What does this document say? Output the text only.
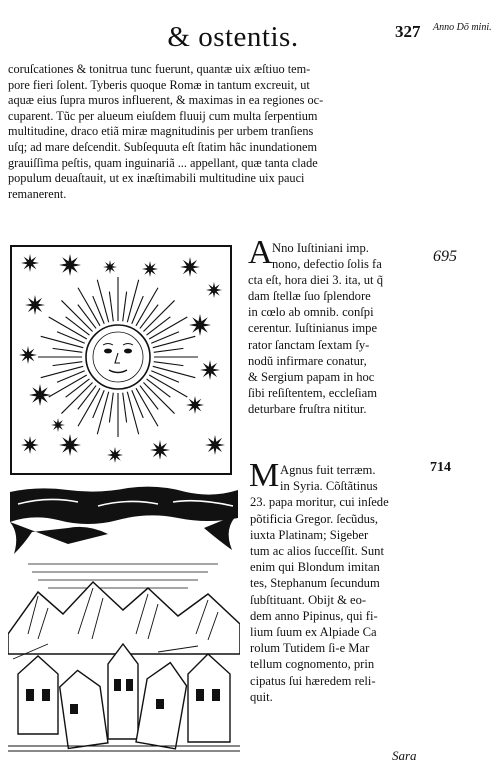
& ostentis.	327 Anno Dõ mini.
coruſcationes & tonitrua tunc fuerunt, quantæ uix æſtiuo tem-
pore fieri ſolent. Tyberis quoque Romæ in tantum excreuit, ut
aquæ eius ſupra muros influerent, & maximas in ea regiones oc-
cuparent. Tũc per alueum eiuſdem fluuij cum multa ſerpentium
multitudine, draco etiã miræ magnitudinis per urbem tranſiens
uſq; ad mare deſcendit. Subſequuta eſt ſtatim hãc inundationem
grauiſſima peſtis, quam inguinariã ... appellant, quæ tanta clade
populum deuaſtauit, ut ex inæſtimabili multitudine uix pauci
remanerent.
A	695
Nno Iuſtiniani imp.
nono, defectio ſolis fa
cta eſt, hora diei 3. ita, ut q̃
dam ſtellæ ſuo ſplendore
in cœlo ab omnib. conſpi
cerentur. Iuſtinianus impe
rator ſanctam ſextam ſy-
nodũ infirmare conatur,
& Sergium papam in hoc
ſibi reſiſtentem, eccleſiam
deturbare fruſtra nititur.
M	714
Agnus fuit terræm.
in Syria. Cõſtãtinus
23. papa moritur, cui inſede
põtificia Gregor. ſecũdus,
iuxta Platinam; Sigeber
tum ac alios ſucceſſit. Sunt
enim qui Blondum imitan
tes, Stephanum ſecundum
ſubſtituant. Obijt & eo-
dem anno Pipinus, qui fi-
lium ſuum ex Alpiade Ca
rolum Tutidem ſi-e Mar
tellum cognomento, prin
cipatus ſui hæredem reli-
quit.
Sara
